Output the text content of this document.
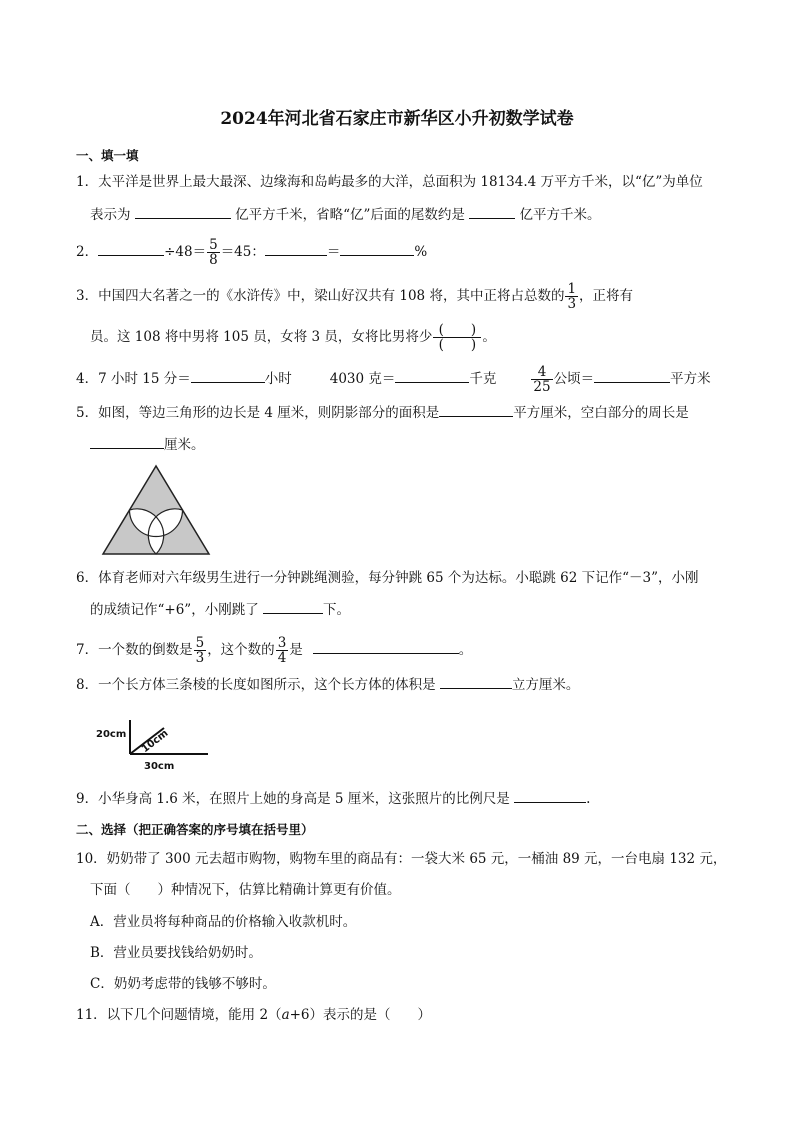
2024年河北省石家庄市新华区小升初数学试卷
一、填一填
1．太平洋是世界上最大最深、边缘海和岛屿最多的大洋，总面积为 18134.4 万平方千米，以“亿”为单位
表示为	亿平方千米，省略“亿”后面的尾数约是	亿平方千米。
2．	$\div 48= \frac{5}{8} =45$：	＝	%
3．中国四大名著之一的《水浒传》中，梁山好汉共有 108 将，其中正将占总数的 $\frac{1}{3}$ ，正将有
员。这 108 将中男将 105 员，女将 3 员，女将比男将少 $\frac{( )}{( )}$ 。
4．7 小时 15 分＝	小时	4030 克＝	千克	$\frac{4}{25}$ 公顷＝	平方米
5．如图，等边三角形的边长是 4 厘米，则阴影部分的面积是	平方厘米，空白部分的周长是
厘米。
6．体育老师对六年级男生进行一分钟跳绳测验，每分钟跳 65 个为达标。小聪跳 62 下记作“－3”，小刚
的成绩记作“+6”，小刚跳了	下。
7．一个数的倒数是 $\frac{5}{3}$ ，这个数的 $\frac{3}{4}$ 是	。
8．一个长方体三条棱的长度如图所示，这个长方体的体积是	立方厘米。
20cm 10cm
30cm
9．小华身高 1.6 米，在照片上她的身高是 5 厘米，这张照片的比例尺是	.
二、选择（把正确答案的序号填在括号里）
10．奶奶带了 300 元去超市购物，购物车里的商品有：一袋大米 65 元，一桶油 89 元，一台电扇 132 元，
下面（　　）种情况下，估算比精确计算更有价值。
A．营业员将每种商品的价格输入收款机时。
B．营业员要找钱给奶奶时。
C．奶奶考虑带的钱够不够时。
11．以下几个问题情境，能用 2（a+6）表示的是（　　）
